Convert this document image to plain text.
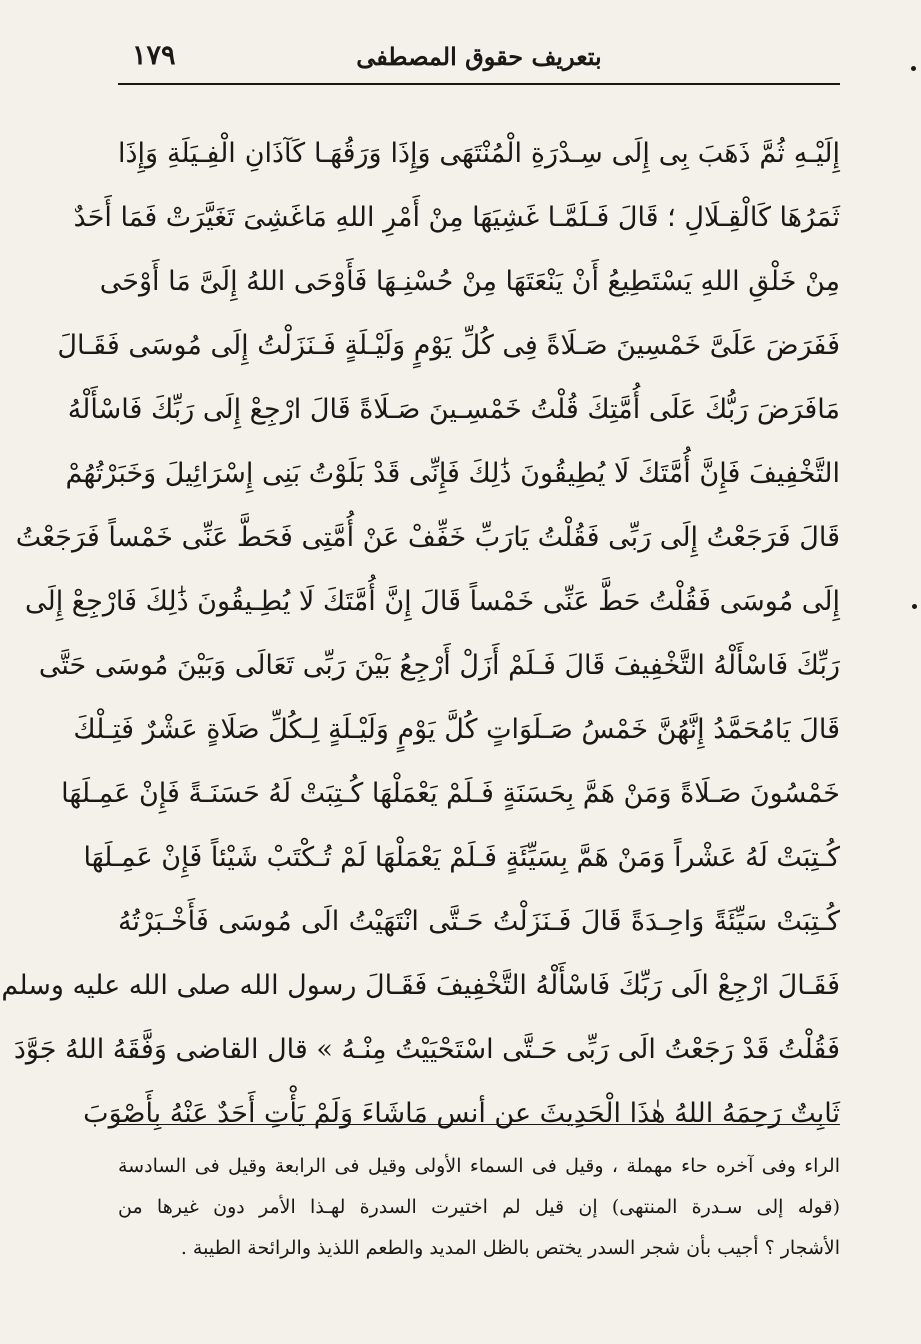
بتعريف حقوق المصطفى
١٧٩
إِلَيْـهِ ثُمَّ ذَهَبَ بِى إِلَى سِـدْرَةِ الْمُنْتَهَى وَإِذَا وَرَقُهَـا كَآذَانِ الْفِـيَلَةِ وَإِذَا
ثَمَرُهَا كَالْقِـلَالِ ؛ قَالَ فَـلَمَّـا غَشِيَهَا مِنْ أَمْرِ اللهِ مَاغَشِىَ تَغَيَّرَتْ فَمَا أَحَدٌ
مِنْ خَلْقِ اللهِ يَسْتَطِيعُ أَنْ يَنْعَتَهَا مِنْ حُسْنِـهَا فَأَوْحَى اللهُ إِلَىَّ مَا أَوْحَى
فَفَرَضَ عَلَىَّ خَمْسِينَ صَـلَاةً فِى كُلِّ يَوْمٍ وَلَيْـلَةٍ فَـنَزَلْتُ إِلَى مُوسَى فَقَـالَ
مَافَرَضَ رَبُّكَ عَلَى أُمَّتِكَ قُلْتُ خَمْسِـينَ صَـلَاةً قَالَ ارْجِعْ إِلَى رَبِّكَ فَاسْأَلْهُ
التَّخْفِيفَ فَإِنَّ أُمَّتَكَ لَا يُطِيقُونَ ذَٰلِكَ فَإِنِّى قَدْ بَلَوْتُ بَنِى إِسْرَائِيلَ وَخَبَرْتُهُمْ
قَالَ فَرَجَعْتُ إِلَى رَبِّى فَقُلْتُ يَارَبِّ خَفِّفْ عَنْ أُمَّتِى فَحَطَّ عَنِّى خَمْساً فَرَجَعْتُ
إِلَى مُوسَى فَقُلْتُ حَطَّ عَنِّى خَمْساً قَالَ إِنَّ أُمَّتَكَ لَا يُطِـيقُونَ ذَٰلِكَ فَارْجِعْ إِلَى
رَبِّكَ فَاسْأَلْهُ التَّخْفِيفَ قَالَ فَـلَمْ أَزَلْ أَرْجِعُ بَيْنَ رَبِّى تَعَالَى وَبَيْنَ مُوسَى حَتَّى
قَالَ يَامُحَمَّدُ إِنَّهُنَّ خَمْسُ صَـلَوَاتٍ كُلَّ يَوْمٍ وَلَيْـلَةٍ لِـكُلِّ صَلَاةٍ عَشْرٌ فَتِـلْكَ
خَمْسُونَ صَـلَاةً وَمَنْ هَمَّ بِحَسَنَةٍ فَـلَمْ يَعْمَلْهَا كُـتِبَتْ لَهُ حَسَنَـةً فَإِنْ عَمِـلَهَا
كُـتِبَتْ لَهُ عَشْراً وَمَنْ هَمَّ بِسَيِّئَةٍ فَـلَمْ يَعْمَلْهَا لَمْ تُـكْتَبْ شَيْئاً فَإِنْ عَمِـلَهَا
كُـتِبَتْ سَيِّئَةً وَاحِـدَةً قَالَ فَـنَزَلْتُ حَـتَّى انْتَهَيْتُ الَى مُوسَى فَأَخْـبَرْتُهُ
فَقَـالَ ارْجِعْ الَى رَبِّكَ فَاسْأَلْهُ التَّخْفِيفَ فَقَـالَ رسول الله صلى الله عليه وسلم
فَقُلْتُ قَدْ رَجَعْتُ الَى رَبِّى حَـتَّى اسْتَحْيَيْتُ مِنْـهُ » قال القاضى وَفَّقَهُ اللهُ جَوَّدَ
ثَابِتٌ رَحِمَهُ اللهُ هٰذَا الْحَدِيثَ عن أنس مَاشَاءَ وَلَمْ يَأْتِ أَحَدٌ عَنْهُ بِأَصْوَبَ
الراء وفى آخره حاء مهملة ، وقيل فى السماء الأولى وقيل فى الرابعة وقيل فى السادسة
(قوله إلى سـدرة المنتهى) إن قيل لم اختيرت السدرة لهـذا الأمر دون غيرها من
الأشجار ؟ أجيب بأن شجر السدر يختص بالظل المديد والطعم اللذيذ والرائحة الطيبة .
